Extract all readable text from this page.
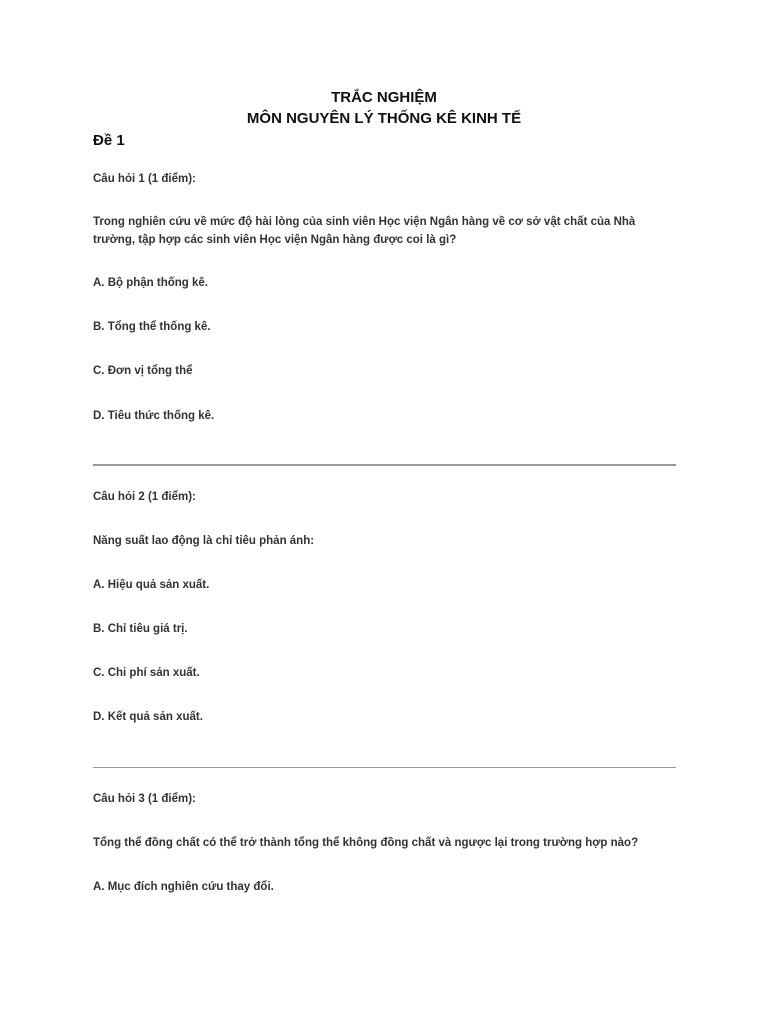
TRẮC NGHIỆM
MÔN NGUYÊN LÝ THỐNG KÊ KINH TẾ
Đề 1

Câu hỏi 1 (1 điểm):

Trong nghiên cứu về mức độ hài lòng của sinh viên Học viện Ngân hàng về cơ sở vật chất của Nhà

trường, tập hợp các sinh viên Học viện Ngân hàng được coi là gì?

A. Bộ phận thống kê.

B. Tổng thể thống kê.

C. Đơn vị tổng thể

D. Tiêu thức thống kê.

Câu hỏi 2 (1 điểm):

Năng suất lao động là chỉ tiêu phản ánh:

A. Hiệu quả sản xuất.

B. Chỉ tiêu giá trị.

C. Chi phí sản xuất.

D. Kết quả sản xuất.

Câu hỏi 3 (1 điểm):

Tổng thể đồng chất có thể trở thành tổng thể không đồng chất và ngược lại trong trường hợp nào?

A. Mục đích nghiên cứu thay đổi.
